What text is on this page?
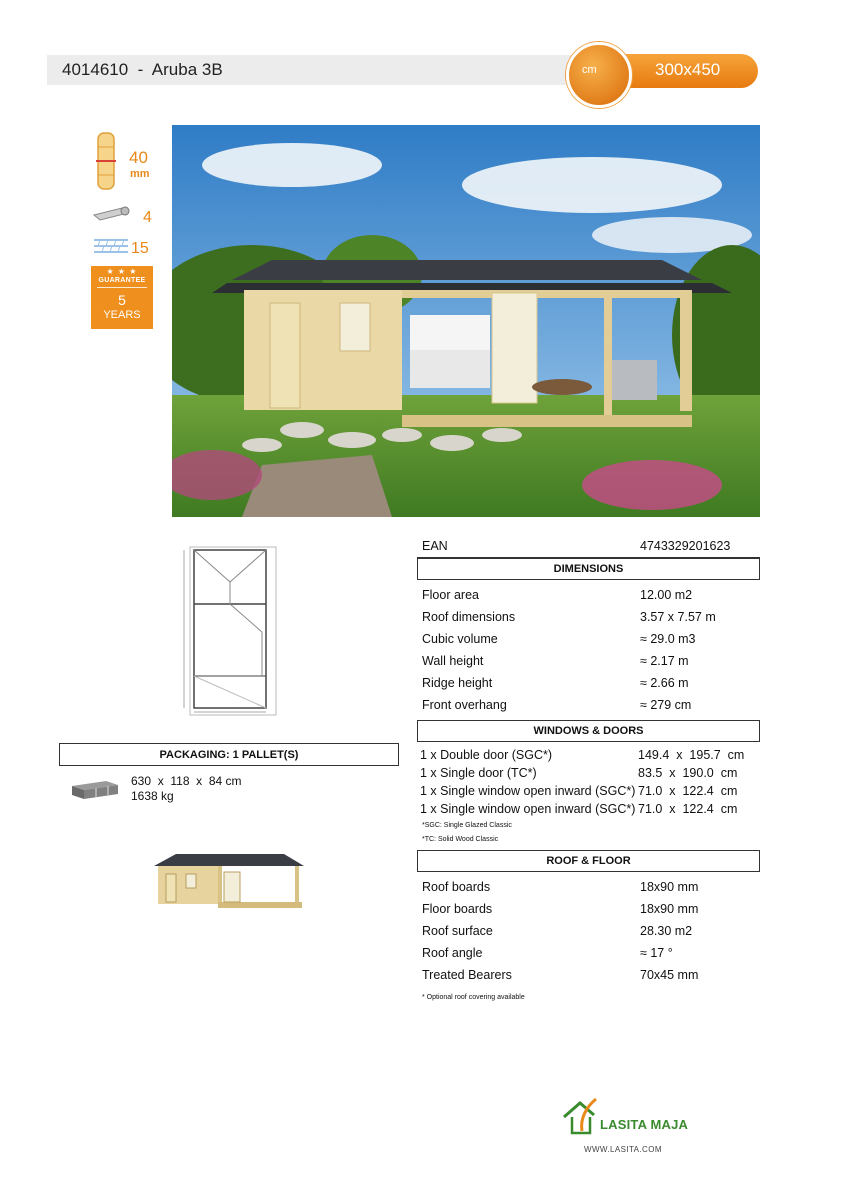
4014610  -  Aruba 3B	300x450
cm
40
mm
4
15
★ ★ ★
GUARANTEE
5
YEARS
PACKAGING: 1 PALLET(S)
630  x  118  x  84 cm
1638 kg
EAN	4743329201623
DIMENSIONS
Floor area	12.00 m2
Roof dimensions	3.57 x 7.57 m
Cubic volume	≈ 29.0 m3
Wall height	≈ 2.17 m
Ridge height	≈ 2.66 m
Front overhang	≈ 279 cm
WINDOWS & DOORS
1 x Double door (SGC*)	149.4  x  195.7  cm
1 x Single door (TC*)	83.5  x  190.0  cm
1 x Single window open inward (SGC*) 71.0  x  122.4  cm
1 x Single window open inward (SGC*) 71.0  x  122.4  cm
*SGC: Single Glazed Classic
*TC: Solid Wood Classic
ROOF & FLOOR
Roof boards	18x90 mm
Floor boards	18x90 mm
Roof surface	28.30 m2
Roof angle	≈ 17 °
Treated Bearers	70x45 mm
* Optional roof covering available
LASITA MAJA
WWW.LASITA.COM
